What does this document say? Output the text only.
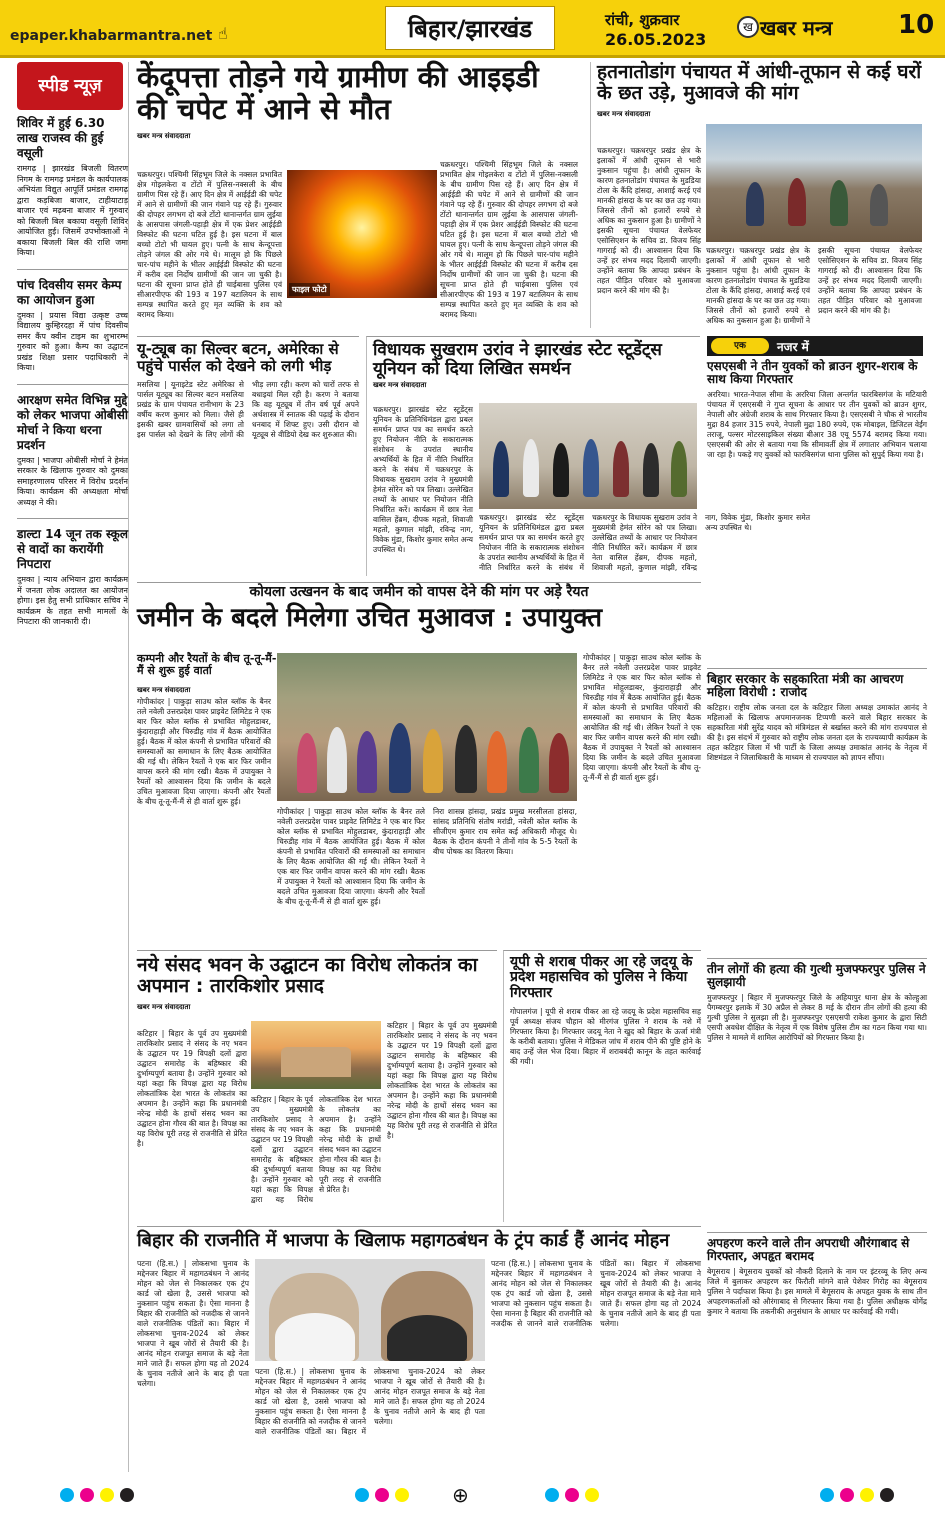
epaper.khabarmantra.net ☝	बिहार/झारखंड	रांची, शुक्रवार
26.05.2023
ख खबर मन्त्र	10
स्पीड न्यूज़
शिविर में हुई 6.30 लाख राजस्व की हुई वसूली
रामगढ़ | झारखंड बिजली वितरण निगम के रामगढ़ प्रमंडल के कार्यपालक अभियंता विद्युत आपूर्ति प्रमंडल रामगढ़ द्वारा कड़बिजा बाजार, टाहीयाटाड़ बाजार एवं मढ़बना बाजार में गुरुवार को बिजली बिल बकाया वसूली शिविर आयोजित हुई। जिसमें उपभोक्ताओं ने बकाया बिजली बिल की राशि जमा किया।
पांच दिवसीय समर केम्प का आयोजन हुआ
दुमका | प्रयास विद्या उत्कृष्ट उच्च विद्यालय कुम्हिरदहा में पांच दिवसीय समर कैंप क्वीन टाइम का शुभारम्भ गुरुवार को हुआ। कैम्प का उद्घाटन प्रखंड शिक्षा प्रसार पदाधिकारी ने किया।
आरक्षण समेत विभिन्न मुद्दे को लेकर भाजपा ओबीसी मोर्चा ने किया धरना प्रदर्शन
दुमका | भाजपा ओबीसी मोर्चा ने हेमंत सरकार के खिलाफ गुरुवार को दुमका समाहरणालय परिसर में विरोध प्रदर्शन किया। कार्यक्रम की अध्यक्षता मोर्चा अध्यक्ष ने की।
डाल्टा 14 जून तक स्कूल से वादों का करायेंगी निपटारा
दुमका | न्याय अभियान द्वारा कार्यक्रम में जनता लोक अदालत का आयोजन होगा। इस हेतु सभी प्राधिकार सचिव ने कार्यक्रम के तहत सभी मामलों के निपटारा की जानकारी दी।
केंदूपत्ता तोड़ने गये ग्रामीण की आइइडी की चपेट में आने से मौत
खबर मन्त्र संवाददाता
फाइल फोटो
चक्रधरपुर। पश्चिमी सिंहभूम जिले के नक्सल प्रभावित क्षेत्र गोइलकेरा व टोंटो में पुलिस-नक्सली के बीच ग्रामीण पिस रहे हैं। आए दिन क्षेत्र में आईईडी की चपेट में आने से ग्रामीणों की जान गंवाने पड़ रहे हैं। गुरुवार की दोपहर लगभग दो बजे टोंटो थानान्तर्गत ग्राम लुईया के आसपास जंगली-पहाड़ी क्षेत्र में एक प्रेशर आईईडी विस्फोट की घटना घटित हुई है। इस घटना में बाल बच्चो टोटो भी घायल हुए। पत्नी के साथ केन्दूपत्ता तोड़ने जंगल की ओर गये थे। मालूम हो कि पिछले चार-पांच महीने के भीतर आईईडी विस्फोट की घटना में करीब दस निर्दोष ग्रामीणों की जान जा चुकी है। घटना की सूचना प्राप्त होते ही चाईबासा पुलिस एवं सीआरपीएफ की 193 व 197 बटालियन के साथ सम्पन्न स्थापित करते हुए मृत व्यक्ति के शव को बरामद किया।
चक्रधरपुर। पश्चिमी सिंहभूम जिले के नक्सल प्रभावित क्षेत्र गोइलकेरा व टोंटो में पुलिस-नक्सली के बीच ग्रामीण पिस रहे हैं। आए दिन क्षेत्र में आईईडी की चपेट में आने से ग्रामीणों की जान गंवाने पड़ रहे हैं। गुरुवार की दोपहर लगभग दो बजे टोंटो थानान्तर्गत ग्राम लुईया के आसपास जंगली-पहाड़ी क्षेत्र में एक प्रेशर आईईडी विस्फोट की घटना घटित हुई है। इस घटना में बाल बच्चो टोटो भी घायल हुए। पत्नी के साथ केन्दूपत्ता तोड़ने जंगल की ओर गये थे। मालूम हो कि पिछले चार-पांच महीने के भीतर आईईडी विस्फोट की घटना में करीब दस निर्दोष ग्रामीणों की जान जा चुकी है। घटना की सूचना प्राप्त होते ही चाईबासा पुलिस एवं सीआरपीएफ की 193 व 197 बटालियन के साथ सम्पन्न स्थापित करते हुए मृत व्यक्ति के शव को बरामद किया।
हतनातोडांग पंचायत में आंधी-तूफान से कई घरों के छत उड़े, मुआवजे की मांग
खबर मन्त्र संवाददाता
चक्रधरपुर। चक्रधरपुर प्रखंड क्षेत्र के इलाकों में आंधी तूफान से भारी नुकसान पहुंचा है। आंधी तूफान के कारण हतनातोडांग पंचायत के मुडडिया टोला के कैंदि हांसदा, आशाई करई एवं मानकी हांसदा के घर का छत उड़ गया। जिससे तीनों को हजारों रुपये से अधिक का नुकसान हुआ है। ग्रामीणों ने इसकी सूचना पंचायत वेलफेयर एसोसिएशन के सचिव डा. विजय सिंह गागराई को दी। आश्वासन दिया कि उन्हें हर संभव मदद दिलायी जाएगी। उन्होंने बताया कि आपदा प्रबंधन के तहत पीड़ित परिवार को मुआवजा प्रदान करने की मांग की है।
चक्रधरपुर। चक्रधरपुर प्रखंड क्षेत्र के इलाकों में आंधी तूफान से भारी नुकसान पहुंचा है। आंधी तूफान के कारण हतनातोडांग पंचायत के मुडडिया टोला के कैंदि हांसदा, आशाई करई एवं मानकी हांसदा के घर का छत उड़ गया। जिससे तीनों को हजारों रुपये से अधिक का नुकसान हुआ है। ग्रामीणों ने इसकी सूचना पंचायत वेलफेयर एसोसिएशन के सचिव डा. विजय सिंह गागराई को दी। आश्वासन दिया कि उन्हें हर संभव मदद दिलायी जाएगी। उन्होंने बताया कि आपदा प्रबंधन के तहत पीड़ित परिवार को मुआवजा प्रदान करने की मांग की है।
यू-ट्यूब का सिल्वर बटन, अमेरिका से पहुंचे पार्सल को देखने को लगी भीड़
मसलिया | यूनाइटेड स्टेट अमेरिका से पार्सल यूट्यूब का सिल्वर बटन मसलिया प्रखंड के ग्राम पंचायत रानीभाग के 23 वर्षीय करण कुमार को मिला। जैसे ही इसकी खबर ग्रामवासियों को लगा तो इस पार्सल को देखने के लिए लोगों की भीड़ लगा रही। करण को चारों तरफ से बधाइयां मिल रही है। करण ने बताया कि वह यूट्यूब में तीन वर्ष पूर्व अपने अर्थशास्त्र में स्नातक की पढ़ाई के दौरान धनबाद में शिफ्ट हुए। उसी दौरान वो यूट्यूब से वीडियो देख कर शुरुआत की।
विधायक सुखराम उरांव ने झारखंड स्टेट स्टूडेंट्स यूनियन को दिया लिखित समर्थन
खबर मन्त्र संवाददाता
चक्रधरपुर। झारखंड स्टेट स्टूडेंट्स यूनियन के प्रतिनिधिमंडल द्वारा प्रबल समर्थन प्राप्त पत्र का समर्थन करते हुए नियोजन नीति के सकारात्मक संशोधन के उपरांत स्थानीय अभ्यर्थियों के हित में नीति निर्धारित करने के संबंध में चक्रधरपुर के विधायक सुखराम उरांव ने मुख्यमंत्री हेमंत सोरेन को पत्र लिखा। उल्लेखित तथ्यों के आधार पर नियोजन नीति निर्धारित करें। कार्यक्रम में छात्र नेता वासिल हेंब्रम, दीपक महतो, शिवाजी महतो, कुणाल मांझी, रविन्द्र नाग, विवेक मुंडा, किशोर कुमार समेत अन्य उपस्थित थे।
चक्रधरपुर। झारखंड स्टेट स्टूडेंट्स यूनियन के प्रतिनिधिमंडल द्वारा प्रबल समर्थन प्राप्त पत्र का समर्थन करते हुए नियोजन नीति के सकारात्मक संशोधन के उपरांत स्थानीय अभ्यर्थियों के हित में नीति निर्धारित करने के संबंध में चक्रधरपुर के विधायक सुखराम उरांव ने मुख्यमंत्री हेमंत सोरेन को पत्र लिखा। उल्लेखित तथ्यों के आधार पर नियोजन नीति निर्धारित करें। कार्यक्रम में छात्र नेता वासिल हेंब्रम, दीपक महतो, शिवाजी महतो, कुणाल मांझी, रविन्द्र नाग, विवेक मुंडा, किशोर कुमार समेत अन्य उपस्थित थे।
एक	नजर में
एसएसबी ने तीन युवकों को ब्राउन शुगर-शराब के साथ किया गिरफ्तार
अररिया। भारत-नेपाल सीमा के अररिया जिला अन्तर्गत फारबिसगंज के मटियारी पंचायत में एसएसबी ने गुप्त सूचना के आधार पर तीन युवकों को ब्राउन शुगर, नेपाली और अंग्रेजी शराब के साथ गिरफ्तार किया है। एसएसबी ने चौक से भारतीय मुद्रा 84 हजार 315 रुपये, नेपाली मुद्रा 180 रुपये, एक मोबाइल, डिजिटल वेईंग तराजू, पल्सर मोटरसाइकिल संख्या बीआर 38 एयू 5574 बरामद किया गया। एसएसबी की ओर से बताया गया कि सीमावर्ती क्षेत्र में लगातार अभियान चलाया जा रहा है। पकड़े गए युवकों को फारबिसगंज थाना पुलिस को सुपुर्द किया गया है।
बिहार सरकार के सहकारिता मंत्री का आचरण महिला विरोधी : राजोद
कटिहार। राष्ट्रीय लोक जनता दल के कटिहार जिला अध्यक्ष उमाकांत आनंद ने महिलाओं के खिलाफ अपमानजनक टिप्पणी करने वाले बिहार सरकार के सहकारिता मंत्री सुरेंद्र यादव को मंत्रिमंडल से बर्खास्त करने की मांग राज्यपाल से की है। इस संदर्भ में गुरुवार को राष्ट्रीय लोक जनता दल के राज्यव्यापी कार्यक्रम के तहत कटिहार जिला में भी पार्टी के जिला अध्यक्ष उमाकांत आनंद के नेतृत्व में शिष्टमंडल ने जिलाधिकारी के माध्यम से राज्यपाल को ज्ञापन सौंपा।
तीन लोगों की हत्या की गुत्थी मुजफ्फरपुर पुलिस ने सुलझायी
मुजफ्फरपुर | बिहार में मुजफ्फरपुर जिले के अहियापुर थाना क्षेत्र के कोल्हुआ पैगम्बरपुर इलाके में 30 अप्रैल से लेकर 8 मई के दौरान तीन लोगों की हत्या की गुत्थी पुलिस ने सुलझा ली है। मुजफ्फरपुर एसएसपी राकेश कुमार के द्वारा सिटी एसपी अवधेश दीक्षित के नेतृत्व में एक विशेष पुलिस टीम का गठन किया गया था। पुलिस ने मामले में शामिल आरोपियों को गिरफ्तार किया है।
अपहरण करने वाले तीन अपराधी औरंगाबाद से गिरफ्तार, अपहृत बरामद
बेगूसराय | बेगूसराय युवकों को नौकरी दिलाने के नाम पर इंटरव्यू के लिए अन्य जिले में बुलाकर अपहरण कर फिरौती मांगने वाले पेशेवर गिरोह का बेगूसराय पुलिस ने पर्दाफाश किया है। इस मामले में बेगूसराय के अपहृत युवक के साथ तीन अपहरणकर्ताओं को औरंगाबाद से गिरफ्तार किया गया है। पुलिस अधीक्षक योगेंद्र कुमार ने बताया कि तकनीकी अनुसंधान के आधार पर कार्रवाई की गयी।
कोयला उत्खनन के बाद जमीन को वापस देने की मांग पर अड़े रैयत
जमीन के बदले मिलेगा उचित मुआवज : उपायुक्त
कम्पनी और रैयतों के बीच तू-तू-मैं-मैं से शुरू हुई वार्ता
खबर मन्त्र संवाददाता
गोपीकांदर | पाकुड़ा साउथ कोल ब्लॉक के बैनर तले नवेली उत्तरप्रदेश पावर प्राइवेट लिमिटेड ने एक बार फिर कोल ब्लॉक से प्रभावित मोहुलडाबर, कुंदाराहाड़ी और चिरुडीह गांव में बैठक आयोजित हुई। बैठक में कोल कंपनी से प्रभावित परिवारों की समस्याओं का समाधान के लिए बैठक आयोजित की गई थी। लेकिन रैयतों ने एक बार फिर जमीन वापस करने की मांग रखी। बैठक में उपायुक्त ने रैयतों को आश्वासन दिया कि जमीन के बदले उचित मुआवजा दिया जाएगा। कंपनी और रैयतों के बीच तू-तू-मैं-मैं से ही वार्ता शुरू हुई।
गोपीकांदर | पाकुड़ा साउथ कोल ब्लॉक के बैनर तले नवेली उत्तरप्रदेश पावर प्राइवेट लिमिटेड ने एक बार फिर कोल ब्लॉक से प्रभावित मोहुलडाबर, कुंदाराहाड़ी और चिरुडीह गांव में बैठक आयोजित हुई। बैठक में कोल कंपनी से प्रभावित परिवारों की समस्याओं का समाधान के लिए बैठक आयोजित की गई थी। लेकिन रैयतों ने एक बार फिर जमीन वापस करने की मांग रखी। बैठक में उपायुक्त ने रैयतों को आश्वासन दिया कि जमीन के बदले उचित मुआवजा दिया जाएगा। कंपनी और रैयतों के बीच तू-तू-मैं-मैं से ही वार्ता शुरू हुई।
निरा शासन्न हांसदा, प्रखंड प्रमुख मरसीलता हांसदा, सांसद प्रतिनिधि संतोष मरांडी, नवेली कोल ब्लॉक के सीजीएम कुमार राय समेत कई अधिकारी मौजूद थे। बैठक के दौरान कंपनी ने तीनों गांव के 5-5 रैयतों के बीच पोषक का वितरण किया।
गोपीकांदर | पाकुड़ा साउथ कोल ब्लॉक के बैनर तले नवेली उत्तरप्रदेश पावर प्राइवेट लिमिटेड ने एक बार फिर कोल ब्लॉक से प्रभावित मोहुलडाबर, कुंदाराहाड़ी और चिरुडीह गांव में बैठक आयोजित हुई। बैठक में कोल कंपनी से प्रभावित परिवारों की समस्याओं का समाधान के लिए बैठक आयोजित की गई थी। लेकिन रैयतों ने एक बार फिर जमीन वापस करने की मांग रखी। बैठक में उपायुक्त ने रैयतों को आश्वासन दिया कि जमीन के बदले उचित मुआवजा दिया जाएगा। कंपनी और रैयतों के बीच तू-तू-मैं-मैं से ही वार्ता शुरू हुई।
नये संसद भवन के उद्घाटन का विरोध लोकतंत्र का अपमान : तारकिशोर प्रसाद
खबर मन्त्र संवाददाता
कटिहार | बिहार के पूर्व उप मुख्यमंत्री तारकिशोर प्रसाद ने संसद के नए भवन के उद्घाटन पर 19 विपक्षी दलों द्वारा उद्घाटन समारोह के बहिष्कार की दुर्भाग्यपूर्ण बताया है। उन्होंने गुरुवार को यहां कहा कि विपक्ष द्वारा यह विरोध लोकतांत्रिक देश भारत के लोकतंत्र का अपमान है। उन्होंने कहा कि प्रधानमंत्री नरेन्द्र मोदी के हाथों संसद भवन का उद्घाटन होना गौरव की बात है। विपक्ष का यह विरोध पूरी तरह से राजनीति से प्रेरित है।
कटिहार | बिहार के पूर्व उप मुख्यमंत्री तारकिशोर प्रसाद ने संसद के नए भवन के उद्घाटन पर 19 विपक्षी दलों द्वारा उद्घाटन समारोह के बहिष्कार की दुर्भाग्यपूर्ण बताया है। उन्होंने गुरुवार को यहां कहा कि विपक्ष द्वारा यह विरोध लोकतांत्रिक देश भारत के लोकतंत्र का अपमान है। उन्होंने कहा कि प्रधानमंत्री नरेन्द्र मोदी के हाथों संसद भवन का उद्घाटन होना गौरव की बात है। विपक्ष का यह विरोध पूरी तरह से राजनीति से प्रेरित है।
कटिहार | बिहार के पूर्व उप मुख्यमंत्री तारकिशोर प्रसाद ने संसद के नए भवन के उद्घाटन पर 19 विपक्षी दलों द्वारा उद्घाटन समारोह के बहिष्कार की दुर्भाग्यपूर्ण बताया है। उन्होंने गुरुवार को यहां कहा कि विपक्ष द्वारा यह विरोध लोकतांत्रिक देश भारत के लोकतंत्र का अपमान है। उन्होंने कहा कि प्रधानमंत्री नरेन्द्र मोदी के हाथों संसद भवन का उद्घाटन होना गौरव की बात है। विपक्ष का यह विरोध पूरी तरह से राजनीति से प्रेरित है।
यूपी से शराब पीकर आ रहे जदयू के प्रदेश महासचिव को पुलिस ने किया गिरफ्तार
गोपालगंज | यूपी से शराब पीकर आ रहे जदयू के प्रदेश महासचिव सह पूर्व अध्यक्ष संजय चौहान को मीरगंज पुलिस ने शराब के नशे में गिरफ्तार किया है। गिरफ्तार जदयू नेता ने खुद को बिहार के ऊर्जा मंत्री के करीबी बताया। पुलिस ने मेडिकल जांच में शराब पीने की पुष्टि होने के बाद उन्हें जेल भेज दिया। बिहार में शराबबंदी कानून के तहत कार्रवाई की गयी।
बिहार की राजनीति में भाजपा के खिलाफ महागठबंधन के ट्रंप कार्ड हैं आनंद मोहन
पटना (हि.स.) | लोकसभा चुनाव के मद्देनजर बिहार में महागठबंधन ने आनंद मोहन को जेल से निकालकर एक ट्रंप कार्ड जो खेला है, उससे भाजपा को नुकसान पहुंच सकता है। ऐसा मानना है बिहार की राजनीति को नजदीक से जानने वाले राजनीतिक पंडितों का। बिहार में लोकसभा चुनाव-2024 को लेकर भाजपा ने खूब जोरों से तैयारी की है। आनंद मोहन राजपूत समाज के बड़े नेता माने जाते हैं। सफल होगा यह तो 2024 के चुनाव नतीजे आने के बाद ही पता चलेगा।
पटना (हि.स.) | लोकसभा चुनाव के मद्देनजर बिहार में महागठबंधन ने आनंद मोहन को जेल से निकालकर एक ट्रंप कार्ड जो खेला है, उससे भाजपा को नुकसान पहुंच सकता है। ऐसा मानना है बिहार की राजनीति को नजदीक से जानने वाले राजनीतिक पंडितों का। बिहार में लोकसभा चुनाव-2024 को लेकर भाजपा ने खूब जोरों से तैयारी की है। आनंद मोहन राजपूत समाज के बड़े नेता माने जाते हैं। सफल होगा यह तो 2024 के चुनाव नतीजे आने के बाद ही पता चलेगा।
पटना (हि.स.) | लोकसभा चुनाव के मद्देनजर बिहार में महागठबंधन ने आनंद मोहन को जेल से निकालकर एक ट्रंप कार्ड जो खेला है, उससे भाजपा को नुकसान पहुंच सकता है। ऐसा मानना है बिहार की राजनीति को नजदीक से जानने वाले राजनीतिक पंडितों का। बिहार में लोकसभा चुनाव-2024 को लेकर भाजपा ने खूब जोरों से तैयारी की है। आनंद मोहन राजपूत समाज के बड़े नेता माने जाते हैं। सफल होगा यह तो 2024 के चुनाव नतीजे आने के बाद ही पता चलेगा।
⊕
